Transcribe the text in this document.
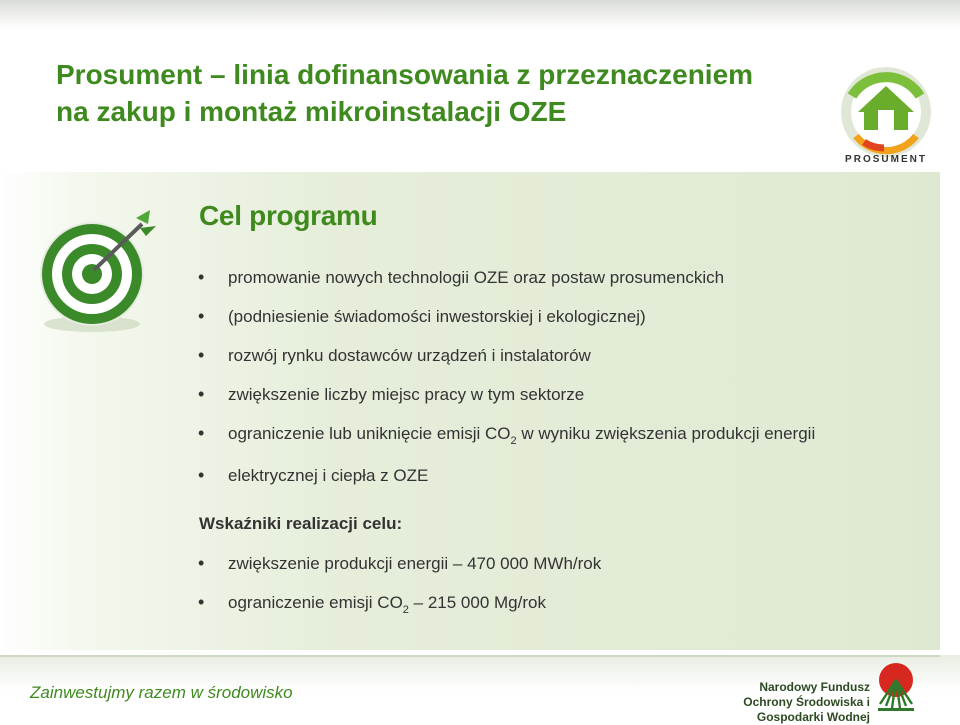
Prosument – linia dofinansowania z przeznaczeniem
na zakup i montaż mikroinstalacji OZE
PROSUMENT
Cel programu
• promowanie nowych technologii OZE oraz postaw prosumenckich
• (podniesienie świadomości inwestorskiej i ekologicznej)
• rozwój rynku dostawców urządzeń i instalatorów
• zwiększenie liczby miejsc pracy w tym sektorze
• ograniczenie lub uniknięcie emisji $CO_2$ w wyniku zwiększenia produkcji energii
• elektrycznej i ciepła z OZE
Wskaźniki realizacji celu:
• zwiększenie produkcji energii – 470 000 MWh/rok
• ograniczenie emisji $CO_2 - 215$ 000 Mg/rok

Zainwestujmy razem w środowisko	Narodowy Fundusz
Ochrony Środowiska i Gospodarki Wodnej
